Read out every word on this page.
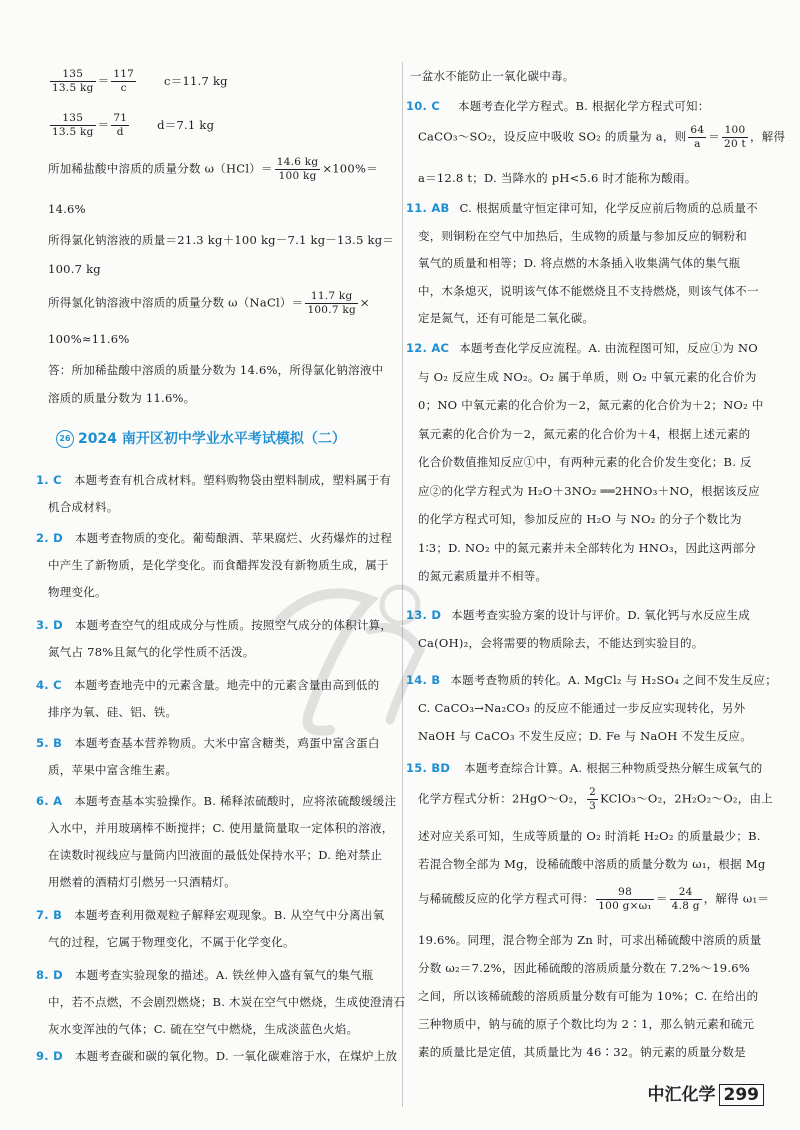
$\frac{135}{13.5 kg} = \frac{117}{c} c=11.7$ kg
$\frac{135}{13.5 kg} = \frac{71}{d} d=7.1$ kg
所加稀盐酸中溶质的质量分数 $\omega(HCl)= \frac{14.6 kg}{100 kg} \times 100\%=$
14.6%
所得氯化钠溶液的质量＝21.3 kg＋100 kg－7.1 kg－13.5 kg＝
100.7 kg
所得氯化钠溶液中溶质的质量分数 ω（NaCl）＝ $\frac{11.7 kg}{100.7 kg}$ ×
100%≈11.6%
答：所加稀盐酸中溶质的质量分数为 14.6%，所得氯化钠溶液中
溶质的质量分数为 11.6%。
26 2024 南开区初中学业水平考试模拟（二）
1. C 本题考查有机合成材料。塑料购物袋由塑料制成，塑料属于有
机合成材料。
2. D 本题考查物质的变化。葡萄酿酒、苹果腐烂、火药爆炸的过程
中产生了新物质，是化学变化。而食醋挥发没有新物质生成，属于
物理变化。
3. D 本题考查空气的组成成分与性质。按照空气成分的体积计算，
氮气占 78%且氮气的化学性质不活泼。
4. C 本题考查地壳中的元素含量。地壳中的元素含量由高到低的
排序为氧、硅、铝、铁。
5. B 本题考查基本营养物质。大米中富含糖类，鸡蛋中富含蛋白
质，苹果中富含维生素。
6. A 本题考查基本实验操作。B. 稀释浓硫酸时，应将浓硫酸缓缓注
入水中，并用玻璃棒不断搅拌；C. 使用量筒量取一定体积的溶液，
在读数时视线应与量筒内凹液面的最低处保持水平；D. 绝对禁止
用燃着的酒精灯引燃另一只酒精灯。
7. B 本题考查利用微观粒子解释宏观现象。B. 从空气中分离出氧
气的过程，它属于物理变化，不属于化学变化。
8. D 本题考查实验现象的描述。A. 铁丝伸入盛有氧气的集气瓶
中，若不点燃，不会剧烈燃烧；B. 木炭在空气中燃烧，生成使澄清石
灰水变浑浊的气体；C. 硫在空气中燃烧，生成淡蓝色火焰。
9. D 本题考查碳和碳的氧化物。D. 一氧化碳难溶于水，在煤炉上放
一盆水不能防止一氧化碳中毒。
10. C 本题考查化学方程式。B. 根据化学方程式可知：
CaCO₃～SO₂，设反应中吸收 SO₂ 的质量为 a，则 $\frac{64}{a} = \frac{100}{20 t}$ ，解得
a＝12.8 t；D. 当降水的 pH<5.6 时才能称为酸雨。
11. AB C. 根据质量守恒定律可知，化学反应前后物质的总质量不
变，则铜粉在空气中加热后，生成物的质量与参加反应的铜粉和
氧气的质量和相等；D. 将点燃的木条插入收集满气体的集气瓶
中，木条熄灭，说明该气体不能燃烧且不支持燃烧，则该气体不一
定是氮气，还有可能是二氧化碳。
12. AC 本题考查化学反应流程。A. 由流程图可知，反应①为 NO
与 O₂ 反应生成 NO₂。O₂ 属于单质，则 O₂ 中氧元素的化合价为
0；NO 中氧元素的化合价为－2，氮元素的化合价为＋2；NO₂ 中
氧元素的化合价为－2，氮元素的化合价为＋4，根据上述元素的
化合价数值推知反应①中，有两种元素的化合价发生变化；B. 反
应②的化学方程式为 H₂O＋3NO₂ ══2HNO₃＋NO，根据该反应
的化学方程式可知，参加反应的 H₂O 与 NO₂ 的分子个数比为
1∶3；D. NO₂ 中的氮元素并未全部转化为 HNO₃，因此这两部分
的氮元素质量并不相等。
13. D 本题考查实验方案的设计与评价。D. 氧化钙与水反应生成
Ca(OH)₂，会将需要的物质除去，不能达到实验目的。
14. B 本题考查物质的转化。A. MgCl₂ 与 H₂SO₄ 之间不发生反应；
C. CaCO₃→Na₂CO₃ 的反应不能通过一步反应实现转化，另外
NaOH 与 CaCO₃ 不发生反应；D. Fe 与 NaOH 不发生反应。
15. BD 本题考查综合计算。A. 根据三种物质受热分解生成氧气的
化学方程式分析：2HgO～O₂， $\frac{2}{3}$ KClO₃～O₂，2H₂O₂～O₂，由上
述对应关系可知，生成等质量的 O₂ 时消耗 H₂O₂ 的质量最少；B.
若混合物全部为 Mg，设稀硫酸中溶质的质量分数为 ω₁，根据 Mg
与稀硫酸反应的化学方程式可得： $\frac{98}{\text{100 g×ω₁}} = \frac{24}{4.8 g}$ ，解得 ω₁＝
19.6%。同理，混合物全部为 Zn 时，可求出稀硫酸中溶质的质量
分数 ω₂＝7.2%，因此稀硫酸的溶质质量分数在 7.2%～19.6%
之间，所以该稀硫酸的溶质质量分数有可能为 10%；C. 在给出的
三种物质中，钠与硫的原子个数比均为 2∶1，那么钠元素和硫元
素的质量比是定值，其质量比为 46∶32。钠元素的质量分数是
中汇化学 299
